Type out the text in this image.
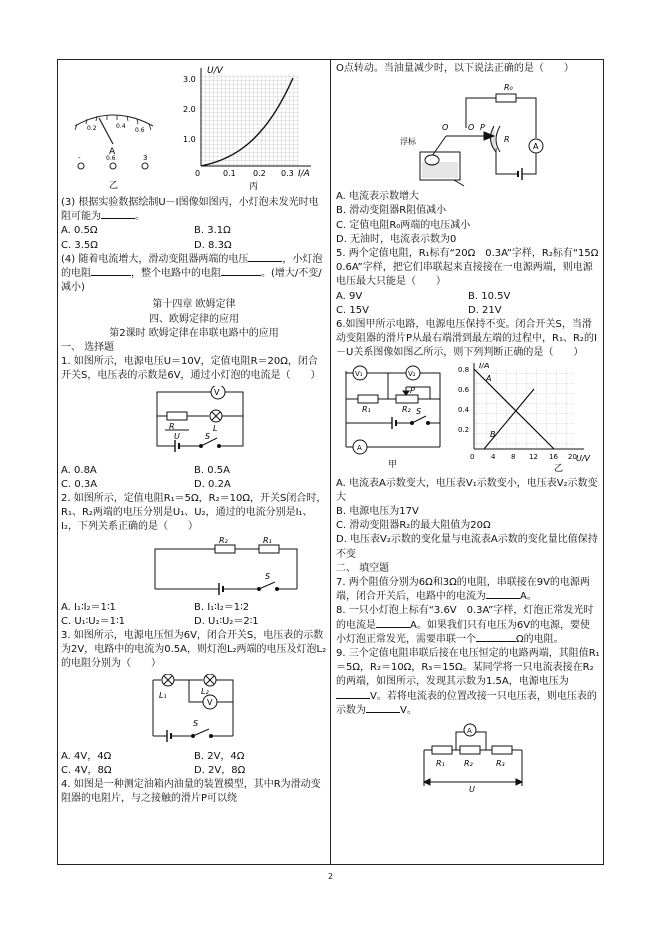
0.2	0.4
0.6
A
-	0.6	3
乙
U/V
I/A
3.0
2.0
1.0
0	0.1 0.2 0.3
丙
(3) 根据实验数据绘制U－I图像如图丙，小灯泡未发光时电阻可能为	。
A. 0.5Ω	B. 3.1Ω
C. 3.5Ω	D. 8.3Ω
(4) 随着电流增大，滑动变阻器两端的电压	，小灯泡的电阻	，整个电路中的电阻	。(增大/不变/减小)
第十四章 欧姆定律
四、欧姆定律的应用
第2课时 欧姆定律在串联电路中的应用
一、 选择题
1. 如图所示，电源电压U＝10V，定值电阻R＝20Ω，闭合开关S，电压表的示数是6V，通过小灯泡的电流是（　　）
V
R	L
U	S
A. 0.8A	B. 0.5A
C. 0.3A	D. 0.2A
2. 如图所示，定值电阻R₁＝5Ω，R₂＝10Ω，开关S闭合时，R₁、R₂两端的电压分别是U₁、U₂，通过的电流分别是I₁、I₂，下列关系正确的是（　　）
R₂	R₁
S
A. I₁∶I₂＝1∶1	B. I₁∶I₂＝1∶2
C. U₁∶U₂＝1∶1	D. U₁∶U₂＝2∶1
3. 如图所示，电源电压恒为6V，闭合开关S，电压表的示数为2V，电路中的电流为0.5A，则灯泡L₂两端的电压及灯泡L₂的电阻分别为（　　）
L₁	L₂
V
S
A. 4V，4Ω	B. 2V，4Ω
C. 4V，8Ω	D. 2V，8Ω
4. 如图是一种测定油箱内油量的装置模型，其中R为滑动变阻器的电阻片，与之接触的滑片P可以绕
O点转动。当油量减少时，以下说法正确的是（　　）
R₀
浮标
O O P
R
A
A. 电流表示数增大
B. 滑动变阻器R阻值减小
C. 定值电阻R₀两端的电压减小
D. 无油时，电流表示数为0
5. 两个定值电阻，R₁标有“20Ω　0.3A”字样，R₂标有“15Ω　0.6A”字样，把它们串联起来直接接在一电源两端，则电源电压最大只能是（　　）
A. 9V	B. 10.5V
C. 15V	D. 21V
6.如图甲所示电路，电源电压保持不变。闭合开关S，当滑动变阻器的滑片P从最右端滑到最左端的过程中，R₁、R₂的I－U关系图像如图乙所示，则下列判断正确的是（　　）
V₁	V₂
P
R₁	R₂ S
A
甲
I/A
U/V
0.8
0.6
0.4
0.2
0 4 8 12 16 20
A
B
乙
A. 电流表A示数变大，电压表V₁示数变小，电压表V₂示数变大
B. 电源电压为17V
C. 滑动变阻器R₂的最大阻值为20Ω
D. 电压表V₂示数的变化量与电流表A示数的变化量比值保持不变
二、 填空题
7. 两个阻值分别为6Ω和3Ω的电阻，串联接在9V的电源两端，闭合开关后，电路中的电流为	A。
8. 一只小灯泡上标有“3.6V　0.3A”字样，灯泡正常发光时的电流是	A。如果我们只有电压为6V的电源，要使小灯泡正常发光，需要串联一个	Ω的电阻。
9. 三个定值电阻串联后接在电压恒定的电路两端，其阻值R₁＝5Ω，R₂＝10Ω，R₃＝15Ω。某同学将一只电流表接在R₂的两端，如图所示，发现其示数为1.5A，电源电压为V。若将电流表的位置改接一只电压表，则电压表的示数为	V。
A
R₁ R₂	R₃
U
2
